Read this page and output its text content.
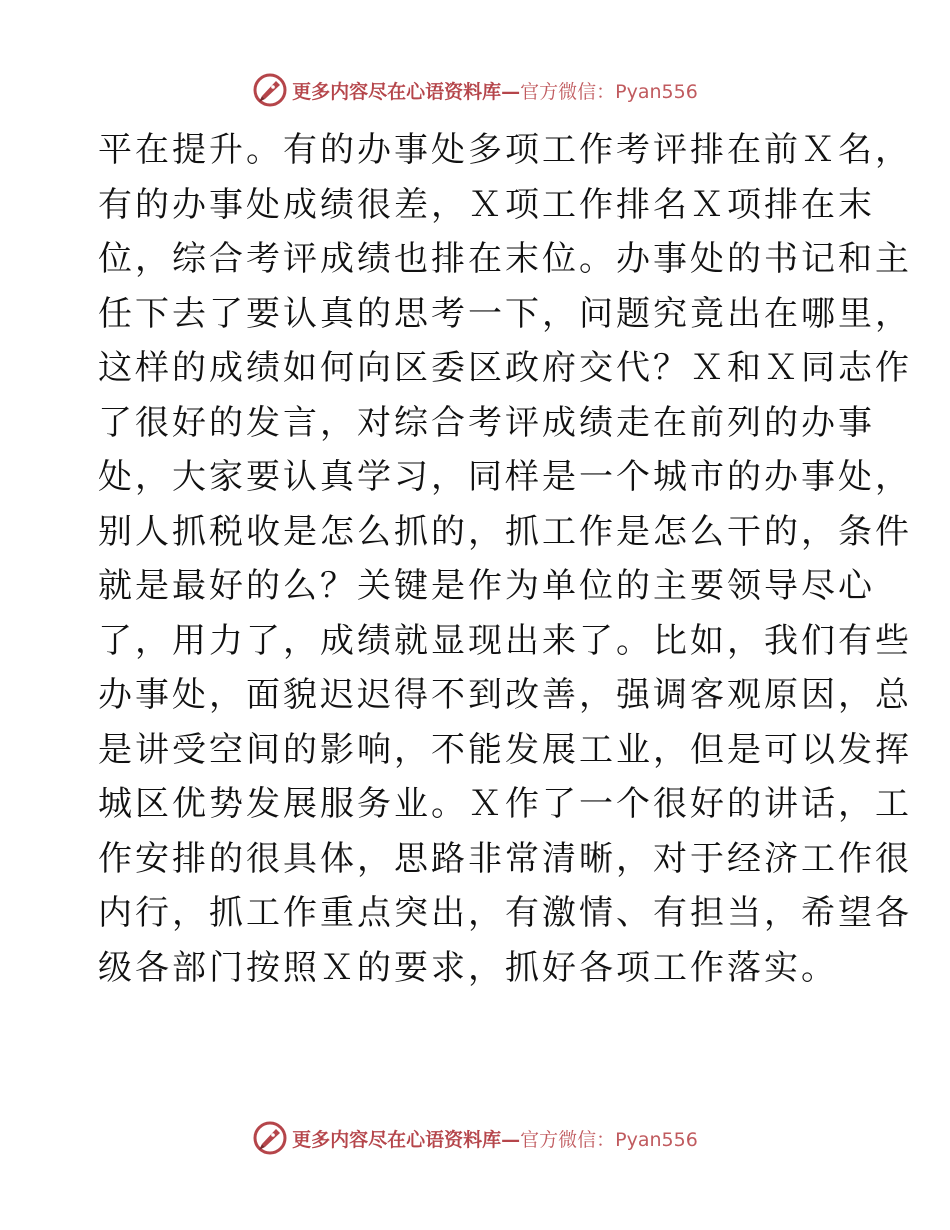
更多内容尽在心语资料库—官方微信：Pyan556
平在提升。有的办事处多项工作考评排在前Ｘ名，
有的办事处成绩很差，Ｘ项工作排名Ｘ项排在末
位，综合考评成绩也排在末位。办事处的书记和主
任下去了要认真的思考一下，问题究竟出在哪里，
这样的成绩如何向区委区政府交代？Ｘ和Ｘ同志作
了很好的发言，对综合考评成绩走在前列的办事
处，大家要认真学习，同样是一个城市的办事处，
别人抓税收是怎么抓的，抓工作是怎么干的，条件
就是最好的么？关键是作为单位的主要领导尽心
了，用力了，成绩就显现出来了。比如，我们有些
办事处，面貌迟迟得不到改善，强调客观原因，总
是讲受空间的影响，不能发展工业，但是可以发挥
城区优势发展服务业。Ｘ作了一个很好的讲话，工
作安排的很具体，思路非常清晰，对于经济工作很
内行，抓工作重点突出，有激情、有担当，希望各
级各部门按照Ｘ的要求，抓好各项工作落实。
更多内容尽在心语资料库—官方微信：Pyan556
